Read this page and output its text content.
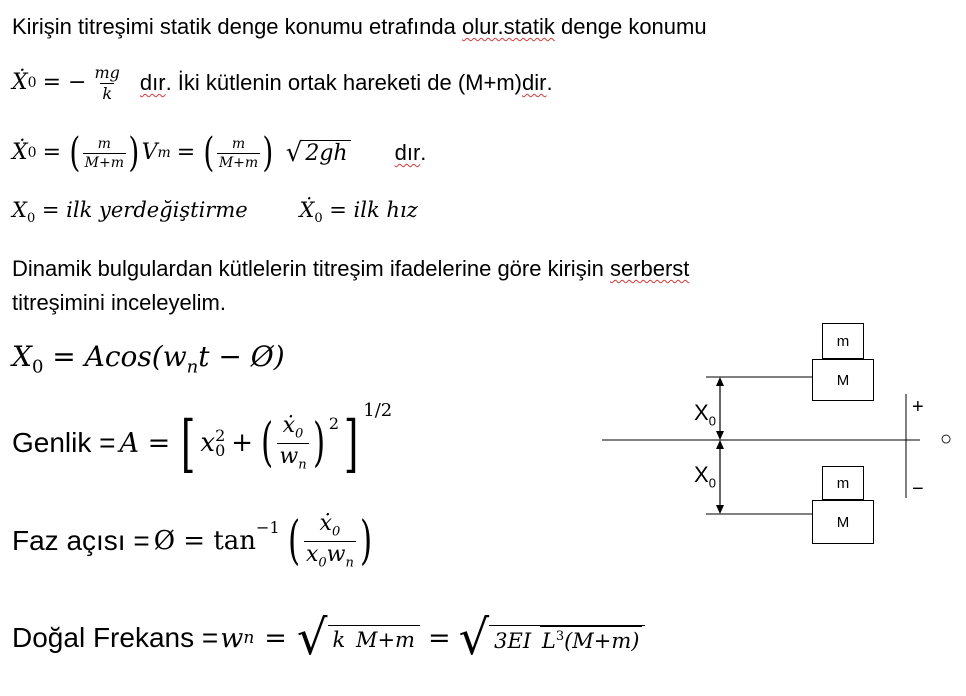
Kirişin titreşimi statik denge konumu etrafında olur.statik denge konumu
Ẋ 0 = − $\frac{mg}{k}$ dır . İki kütlenin ortak hareketi de (M+m) dir .
Ẋ 0 = ( $\frac{m}{M+m}$ ) V m = ( $\frac{m}{M+m}$ ) √ 2gh dır .
$X_0$ = ilk yerdeğiştirme Ẋ$_0$ = ilk hız
Dinamik bulgulardan kütlelerin titreşim ifadelerine göre kirişin serberst
titreşimini inceleyelim.
$X_0 = Acos(w_nt$ − Ø)
Genlik = A = [ x 2
0 + ( $\frac{ẋ_0}{w_n}$ ) 2 ] 1/2
Faz açısı = Ø = tan −1 ( $\frac{ẋ_0}{x_0w_n}$ )
Doğal Frekans = w n = √ k M+m = √ 3EI $L^3(M+m)$
m
M
m
M
$X_0$
$X_0$
+
−
○
